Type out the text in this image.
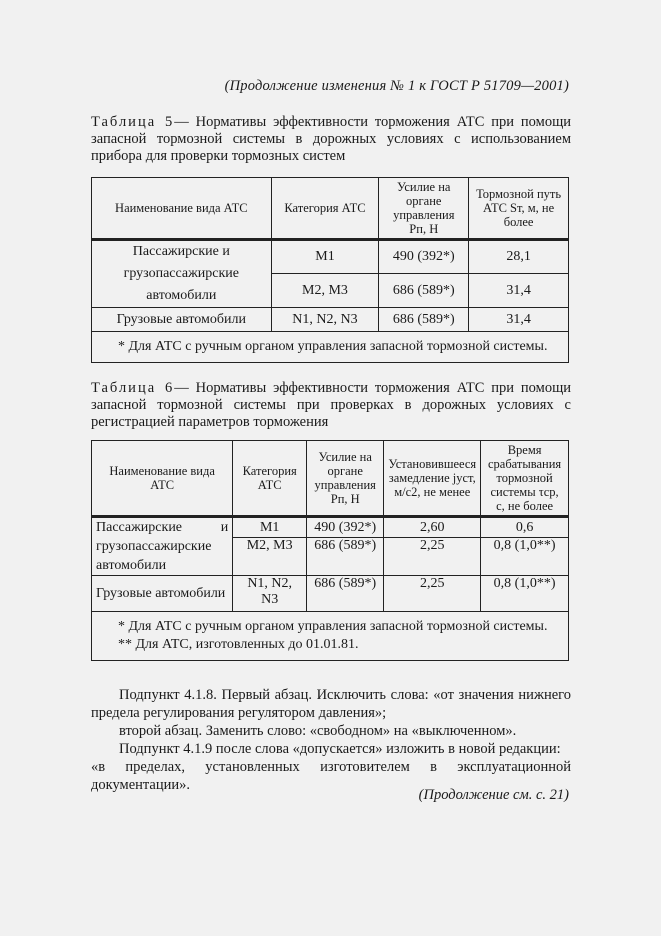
(Продолжение изменения № 1 к ГОСТ Р 51709—2001)
Таблица 5— Нормативы эффективности торможения АТС при помощи запасной тормозной системы в дорожных условиях с использованием прибора для проверки тормозных систем
Наименование вида АТС	Категория АТС	Усилие на органе управления Pп, Н	Тормозной путь АТС Sт, м, не более
Пассажирские и грузопассажирские автомобили	M1	490 (392*)	28,1
	M2, M3	686 (589*)	31,4
Грузовые автомобили	N1, N2, N3	686 (589*)	31,4

* Для АТС с ручным органом управления запасной тормозной системы.			

Таблица 6— Нормативы эффективности торможения АТС при помощи запасной тормозной системы при проверках в дорожных условиях с регистрацией параметров торможения
Наименование вида АТС	Категория АТС	Усилие на органе управления Pп, Н	Установившееся замедление jуст, м/с2, не менее	Время срабатывания тормозной системы τср, с, не более
Пассажирские и грузопассажирские автомобили	M1	490 (392*)	2,60	0,6
	M2, M3	686 (589*)	2,25	0,8 (1,0**)
Грузовые автомобили	N1, N2, N3	686 (589*)	2,25	0,8 (1,0**)

* Для АТС с ручным органом управления запасной тормозной системы.

** Для АТС, изготовленных до 01.01.81.				

Подпункт 4.1.8. Первый абзац. Исключить слова: «от значения нижнего предела регулирования регулятором давления»;

второй абзац. Заменить слово: «свободном» на «выключенном».

Подпункт 4.1.9 после слова «допускается» изложить в новой редакции:

«в пределах, установленных изготовителем в эксплуатационной документации».

(Продолжение см. с. 21)
